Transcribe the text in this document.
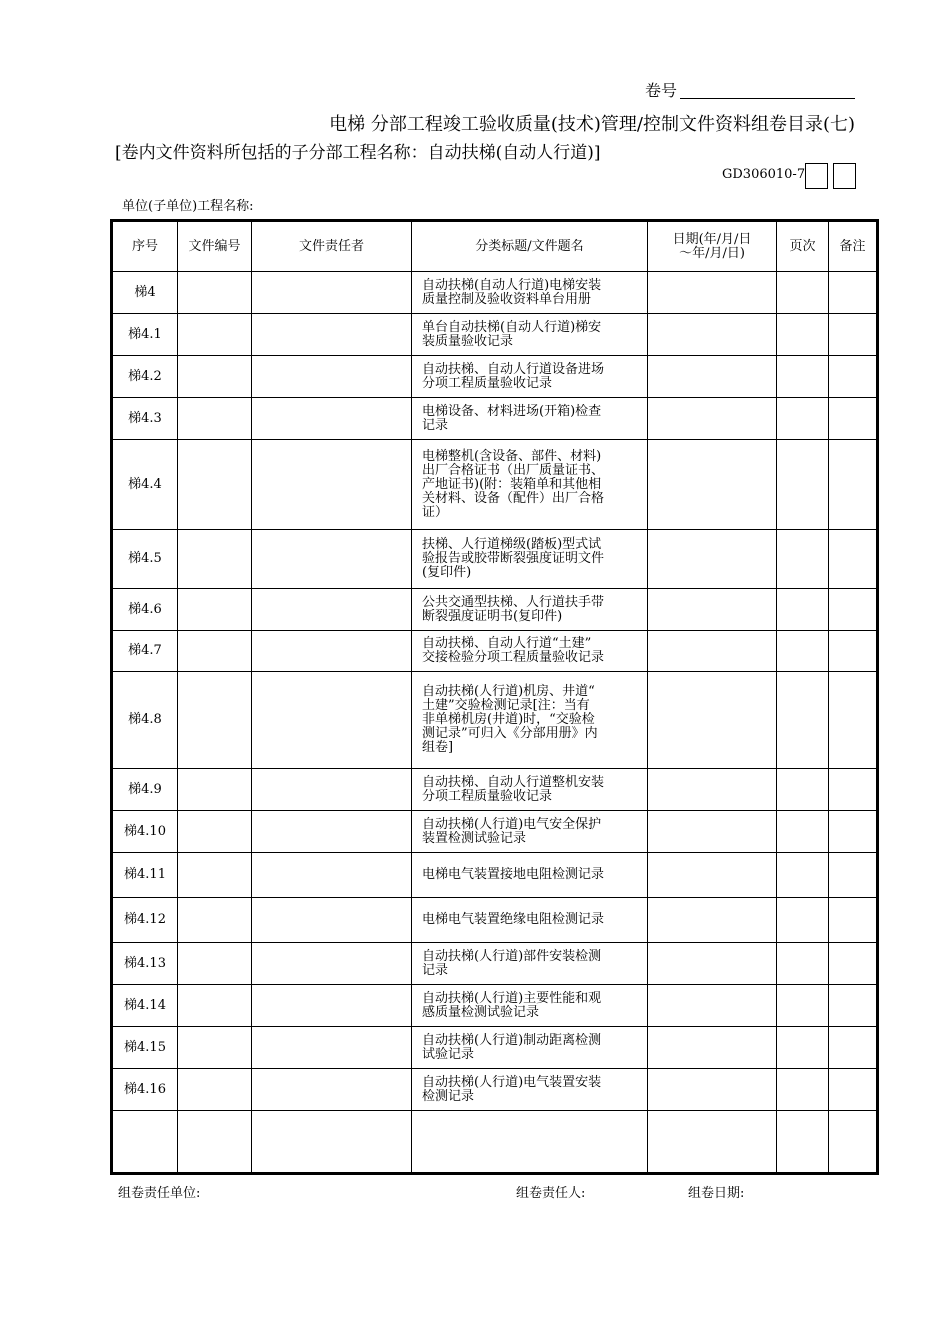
卷号
电梯 分部工程竣工验收质量(技术)管理/控制文件资料组卷目录(七)
[卷内文件资料所包括的子分部工程名称：自动扶梯(自动人行道)]
GD306010-7
单位(子单位)工程名称:
序号	文件编号	文件责任者	分类标题/文件题名	日期(年/月/日
～年/月/日)	页次	备注
梯4			自动扶梯(自动人行道)电梯安装
质量控制及验收资料单台用册			
梯4.1			单台自动扶梯(自动人行道)梯安
装质量验收记录			
梯4.2			自动扶梯、自动人行道设备进场
分项工程质量验收记录			
梯4.3			电梯设备、材料进场(开箱)检查
记录			
梯4.4			电梯整机(含设备、部件、材料)
出厂合格证书（出厂质量证书、
产地证书)(附：装箱单和其他相
关材料、设备（配件）出厂合格
证）			
梯4.5			扶梯、人行道梯级(踏板)型式试
验报告或胶带断裂强度证明文件
(复印件)			
梯4.6			公共交通型扶梯、人行道扶手带
断裂强度证明书(复印件)			
梯4.7			自动扶梯、自动人行道“土建”
交接检验分项工程质量验收记录			
梯4.8			自动扶梯(人行道)机房、井道“
土建”交验检测记录[注：当有
非单梯机房(井道)时，“交验检
测记录”可归入《分部用册》内
组卷]			
梯4.9			自动扶梯、自动人行道整机安装
分项工程质量验收记录			
梯4.10			自动扶梯(人行道)电气安全保护
装置检测试验记录			
梯4.11			电梯电气装置接地电阻检测记录			
梯4.12			电梯电气装置绝缘电阻检测记录			
梯4.13			自动扶梯(人行道)部件安装检测
记录			
梯4.14			自动扶梯(人行道)主要性能和观
感质量检测试验记录			
梯4.15			自动扶梯(人行道)制动距离检测
试验记录			
梯4.16			自动扶梯(人行道)电气装置安装
检测记录			

组卷责任单位:	组卷责任人:	组卷日期:
